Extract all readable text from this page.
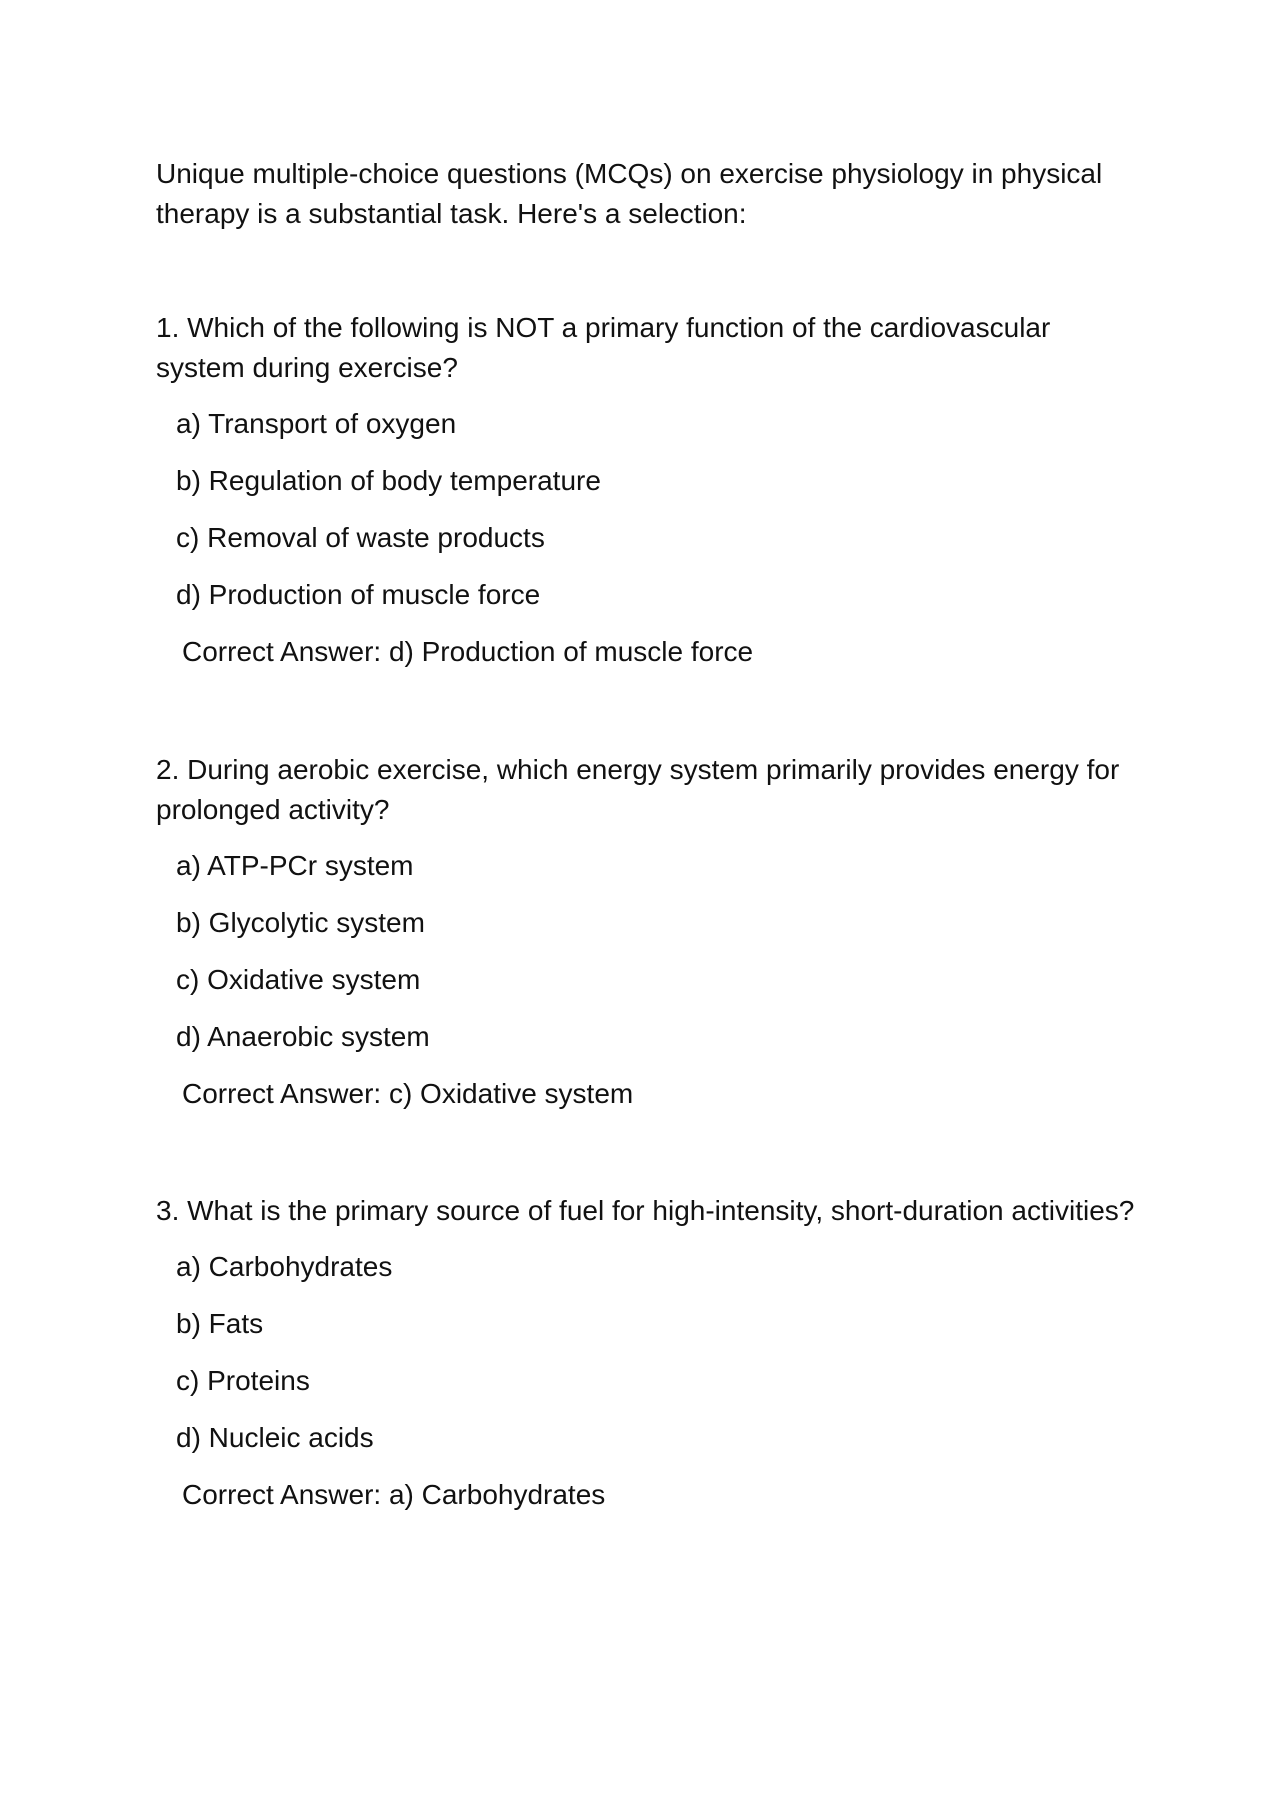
Unique multiple-choice questions (MCQs) on exercise physiology in physical therapy is a substantial task. Here's a selection:

1. Which of the following is NOT a primary function of the cardiovascular system during exercise?

a) Transport of oxygen
b) Regulation of body temperature
c) Removal of waste products
d) Production of muscle force
Correct Answer: d) Production of muscle force

2. During aerobic exercise, which energy system primarily provides energy for prolonged activity?

a) ATP-PCr system
b) Glycolytic system
c) Oxidative system
d) Anaerobic system
Correct Answer: c) Oxidative system

3. What is the primary source of fuel for high-intensity, short-duration activities?

a) Carbohydrates
b) Fats
c) Proteins
d) Nucleic acids
Correct Answer: a) Carbohydrates
